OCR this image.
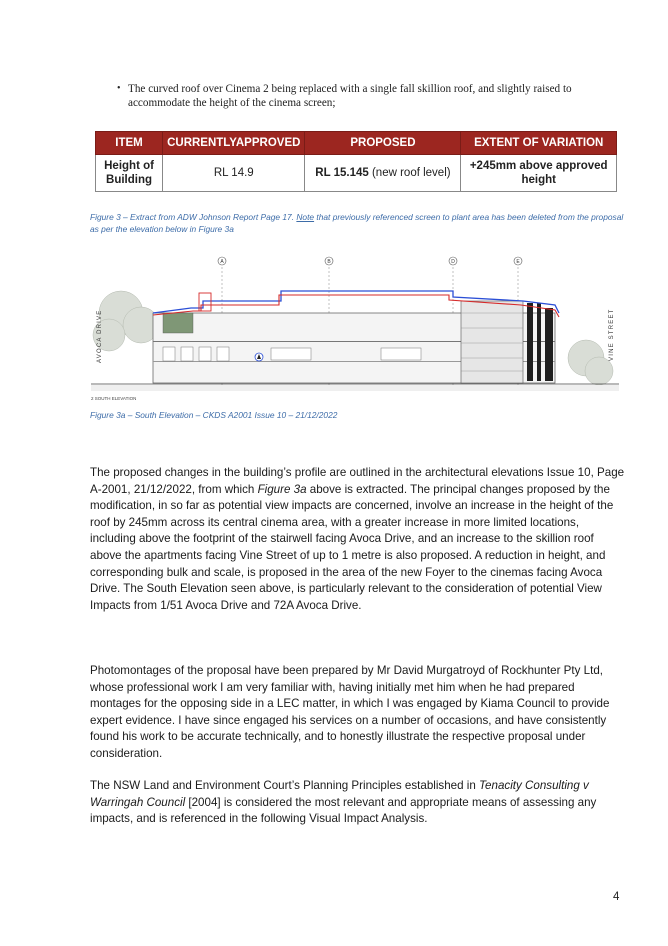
• The curved roof over Cinema 2 being replaced with a single fall skillion roof, and slightly raised to accommodate the height of the cinema screen;
ITEM	CURRENTLYAPPROVED	PROPOSED	EXTENT OF VARIATION
Height of Building	RL 14.9	RL 15.145 (new roof level)	+245mm above approved height
Figure 3 – Extract from ADW Johnson Report Page 17. Note that previously referenced screen to plant area has been deleted from the proposal as per the elevation below in Figure 3a
A	B	D	E
AVOCA DRIVE	VINE STREET
2 SOUTH ELEVATION
Figure 3a – South Elevation – CKDS A2001 Issue 10 – 21/12/2022
The proposed changes in the building’s profile are outlined in the architectural elevations Issue 10, Page A-2001, 21/12/2022, from which Figure 3a above is extracted. The principal changes proposed by the modification, in so far as potential view impacts are concerned, involve an increase in the height of the roof by 245mm across its central cinema area, with a greater increase in more limited locations, including above the footprint of the stairwell facing Avoca Drive, and an increase to the skillion roof above the apartments facing Vine Street of up to 1 metre is also proposed. A reduction in height, and corresponding bulk and scale, is proposed in the area of the new Foyer to the cinemas facing Avoca Drive. The South Elevation seen above, is particularly relevant to the consideration of potential View Impacts from 1/51 Avoca Drive and 72A Avoca Drive.
Photomontages of the proposal have been prepared by Mr David Murgatroyd of Rockhunter Pty Ltd, whose professional work I am very familiar with, having initially met him when he had prepared montages for the opposing side in a LEC matter, in which I was engaged by Kiama Council to provide expert evidence. I have since engaged his services on a number of occasions, and have consistently found his work to be accurate technically, and to honestly illustrate the respective proposal under consideration.
The NSW Land and Environment Court’s Planning Principles established in Tenacity Consulting v Warringah Council [2004] is considered the most relevant and appropriate means of assessing any impacts, and is referenced in the following Visual Impact Analysis.
4
